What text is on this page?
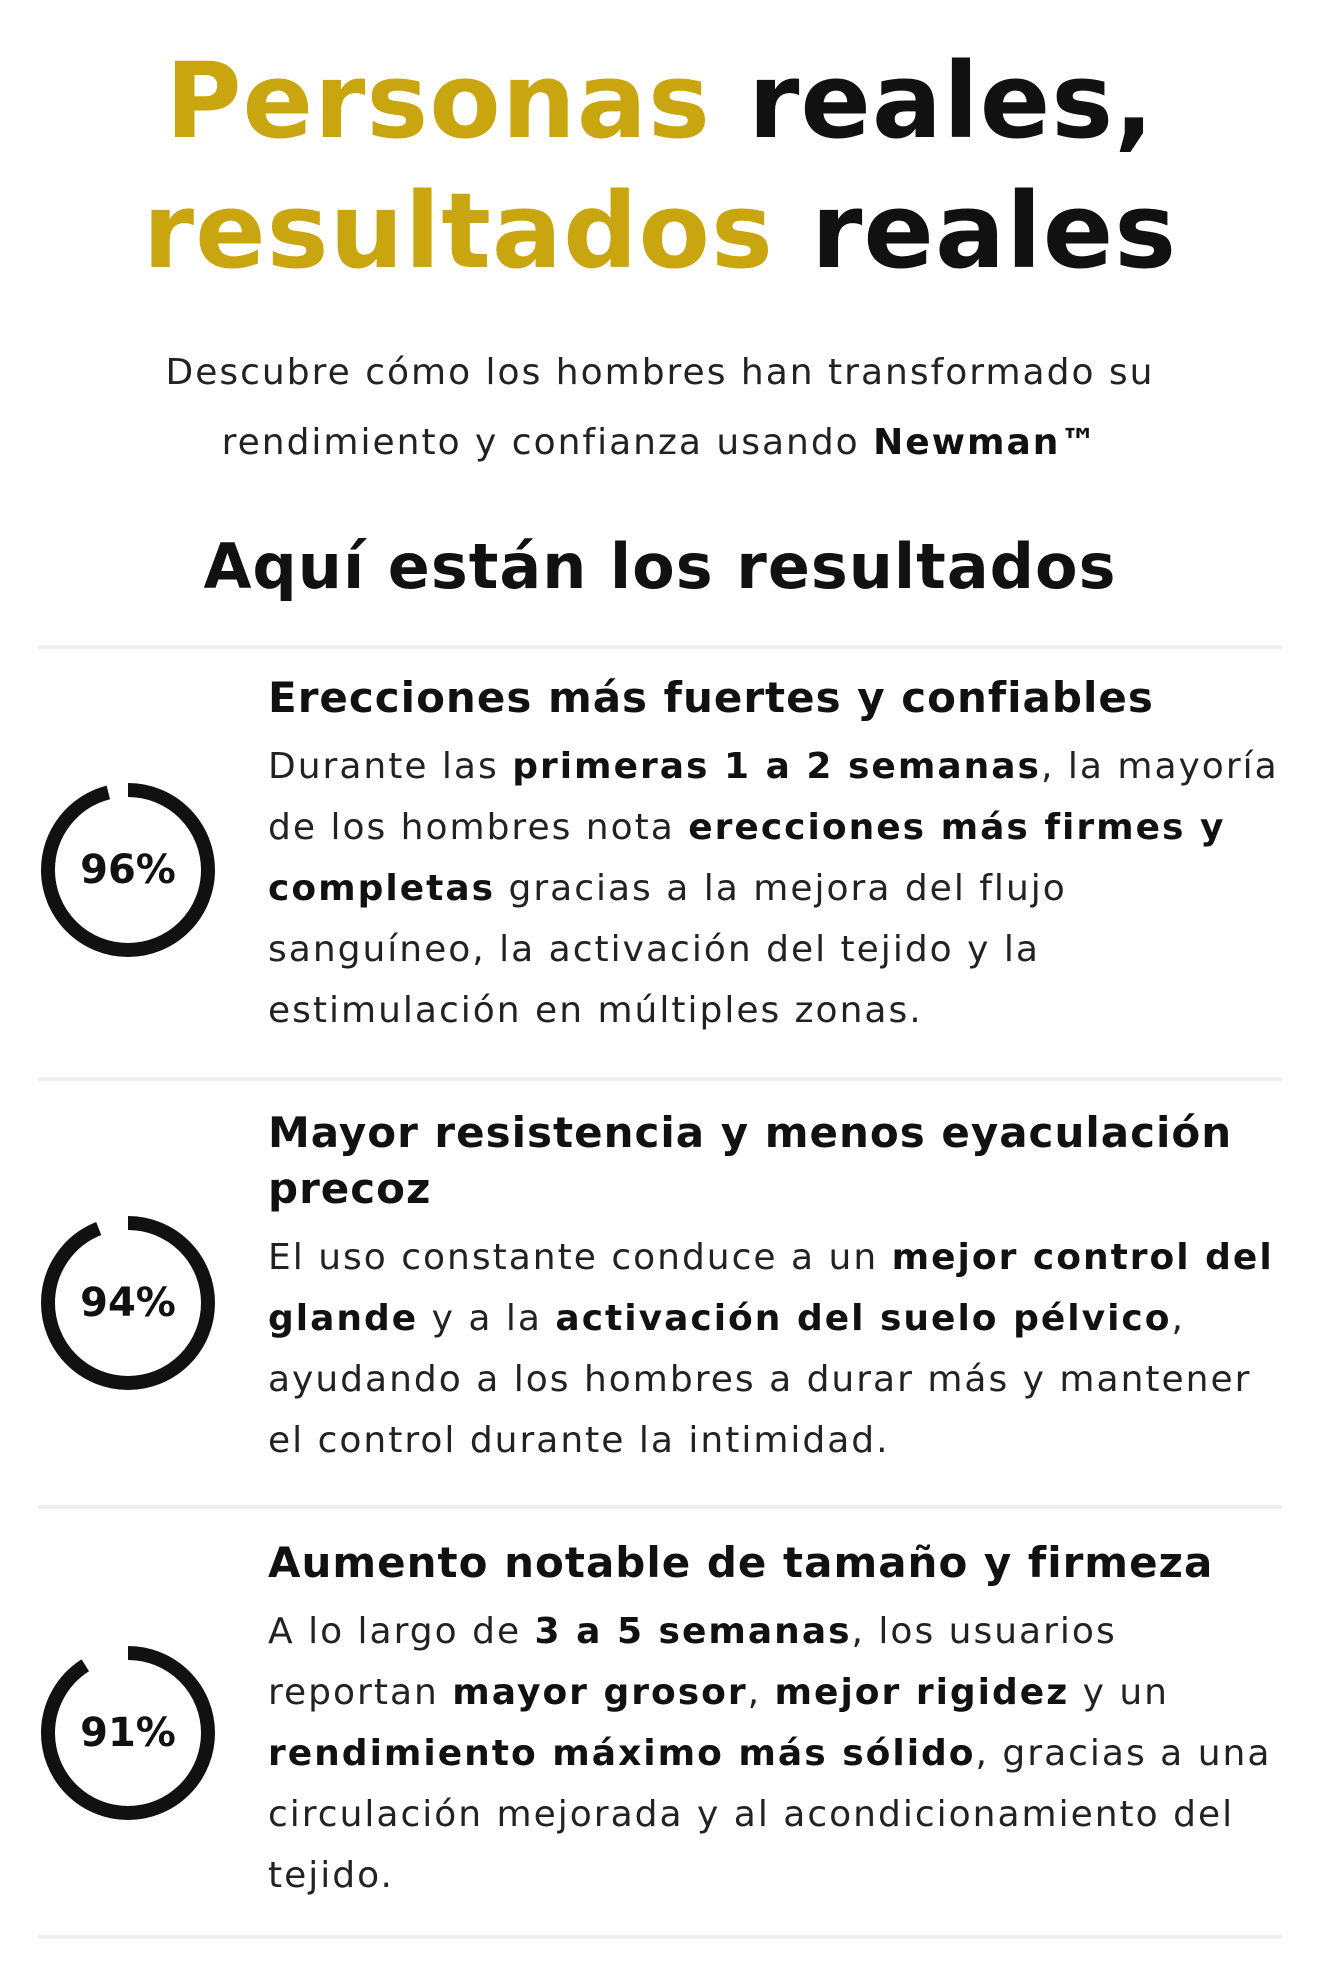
Personas reales,
resultados reales

Descubre cómo los hombres han transformado su rendimiento y confianza usando Newman™

Aquí están los resultados
96%
Erecciones más fuertes y confiables

Durante las primeras 1 a 2 semanas, la mayoría de los hombres nota erecciones más firmes y completas gracias a la mejora del flujo sanguíneo, la activación del tejido y la estimulación en múltiples zonas.

94%
Mayor resistencia y menos eyaculación precoz

El uso constante conduce a un mejor control del glande y a la activación del suelo pélvico, ayudando a los hombres a durar más y mantener el control durante la intimidad.

91%
Aumento notable de tamaño y firmeza

A lo largo de 3 a 5 semanas, los usuarios reportan mayor grosor, mejor rigidez y un rendimiento máximo más sólido, gracias a una circulación mejorada y al acondicionamiento del tejido.
